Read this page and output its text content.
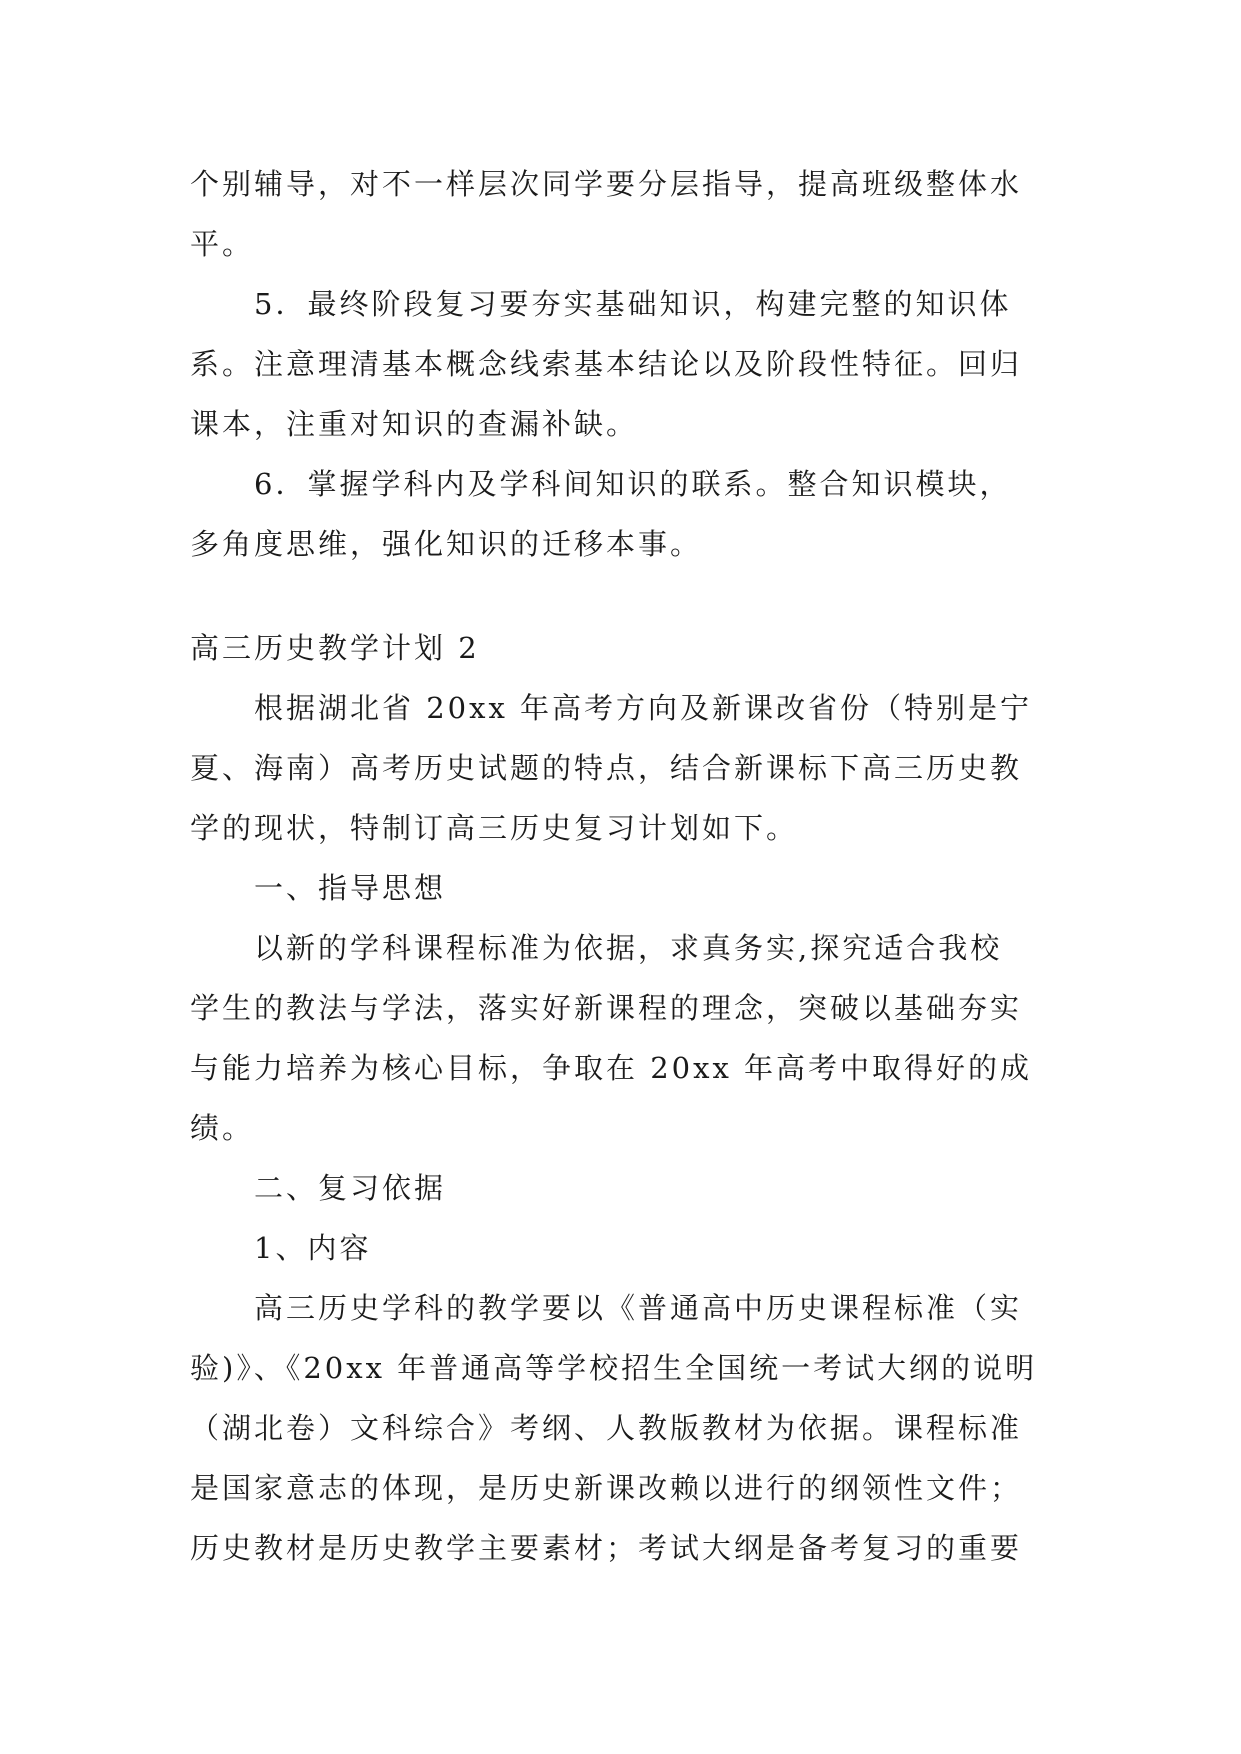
个别辅导，对不一样层次同学要分层指导，提高班级整体水
平。
5．最终阶段复习要夯实基础知识，构建完整的知识体
系。注意理清基本概念线索基本结论以及阶段性特征。回归
课本，注重对知识的查漏补缺。
6．掌握学科内及学科间知识的联系。整合知识模块，
多角度思维，强化知识的迁移本事。
高三历史教学计划 2
根据湖北省 20xx 年高考方向及新课改省份（特别是宁
夏、海南）高考历史试题的特点，结合新课标下高三历史教
学的现状，特制订高三历史复习计划如下。
一、指导思想
以新的学科课程标准为依据，求真务实,探究适合我校
学生的教法与学法，落实好新课程的理念，突破以基础夯实
与能力培养为核心目标，争取在 20xx 年高考中取得好的成
绩。
二、复习依据
1、内容
高三历史学科的教学要以《普通高中历史课程标准（实
验)》、《20xx 年普通高等学校招生全国统一考试大纲的说明
（湖北卷）文科综合》考纲、人教版教材为依据。课程标准
是国家意志的体现，是历史新课改赖以进行的纲领性文件；
历史教材是历史教学主要素材；考试大纲是备考复习的重要
